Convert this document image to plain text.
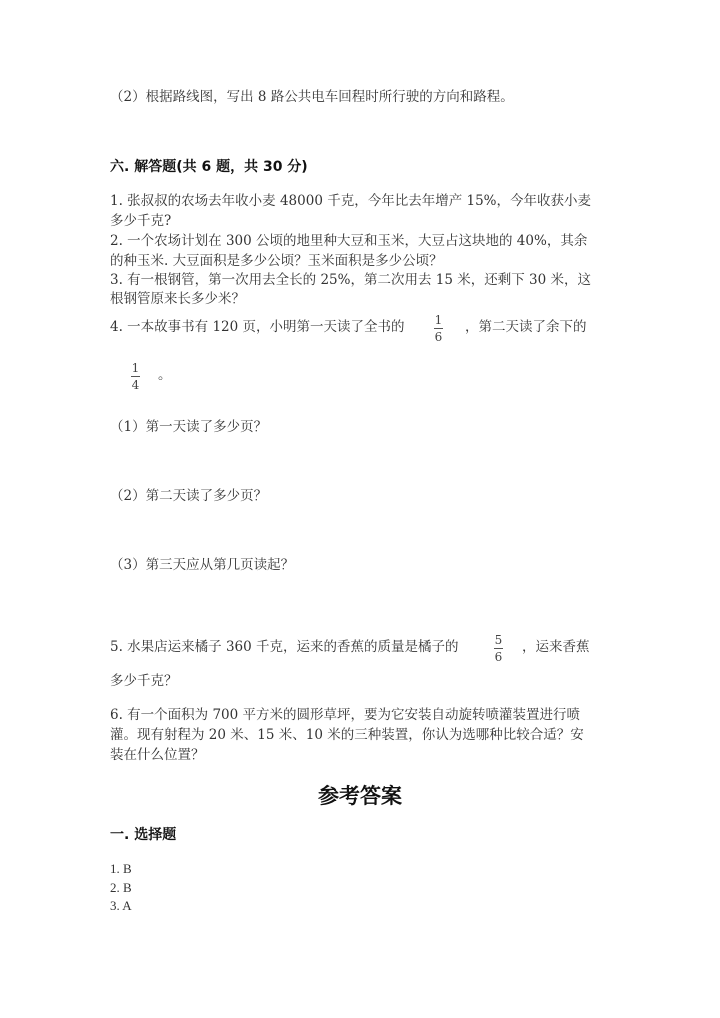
（2）根据路线图，写出 8 路公共电车回程时所行驶的方向和路程。
六. 解答题(共 6 题，共 30 分)
1. 张叔叔的农场去年收小麦 48000 千克，今年比去年增产 15%，今年收获小麦
多少千克?
2. 一个农场计划在 300 公顷的地里种大豆和玉米，大豆占这块地的 40%，其余
的种玉米. 大豆面积是多少公顷？玉米面积是多少公顷？
3. 有一根钢管，第一次用去全长的 25%，第二次用去 15 米，还剩下 30 米，这
根钢管原来长多少米？
4. 一本故事书有 120 页，小明第一天读了全书的	1
6
，第二天读了余下的
1
4
。
（1）第一天读了多少页？
（2）第二天读了多少页？
（3）第三天应从第几页读起？
5. 水果店运来橘子 360 千克，运来的香蕉的质量是橘子的	5
6
，运来香蕉
多少千克？
6. 有一个面积为 700 平方米的圆形草坪，要为它安装自动旋转喷灌装置进行喷
灌。现有射程为 20 米、15 米、10 米的三种装置，你认为选哪种比较合适？安
装在什么位置？
参考答案
一. 选择题
1. B
2. B
3. A
